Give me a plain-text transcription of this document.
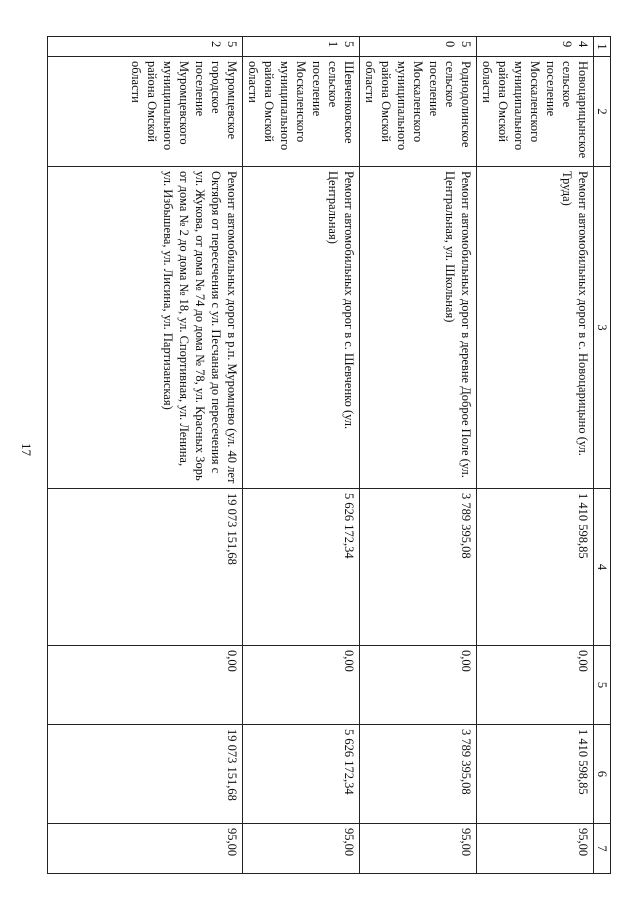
17
1	2	3	4	5	6	7
49	Новоцарицынское сельское поселение Москаленского муниципального района Омской области	Ремонт автомобильных дорог в с. Новоцарицыно (ул. Труда)	1 410 598,85	0,00	1 410 598,85	95,00
50	Роднодолинское сельское поселение Москаленского муниципального района Омской области	Ремонт автомобильных дорог в деревне Доброе Поле (ул. Центральная, ул. Школьная)	3 789 395,08	0,00	3 789 395,08	95,00
51	Шевченковское сельское поселение Москаленского муниципального района Омской области	Ремонт автомобильных дорог в с. Шевченко (ул. Центральная)	5 626 172,34	0,00	5 626 172,34	95,00
52	Муромцевское городское поселение Муромцевского муниципального района Омской области	Ремонт автомобильных дорог в р.п. Муромцево (ул. 40 лет Октября от пересечения с ул. Песчаная до пересечения с ул. Жукова, от дома № 74 до дома № 78, ул. Красных Зорь от дома № 2 до дома № 18, ул. Спортивная, ул. Ленина, ул. Избышева, ул. Лисина, ул. Партизанская)	19 073 151,68	0,00	19 073 151,68	95,00
